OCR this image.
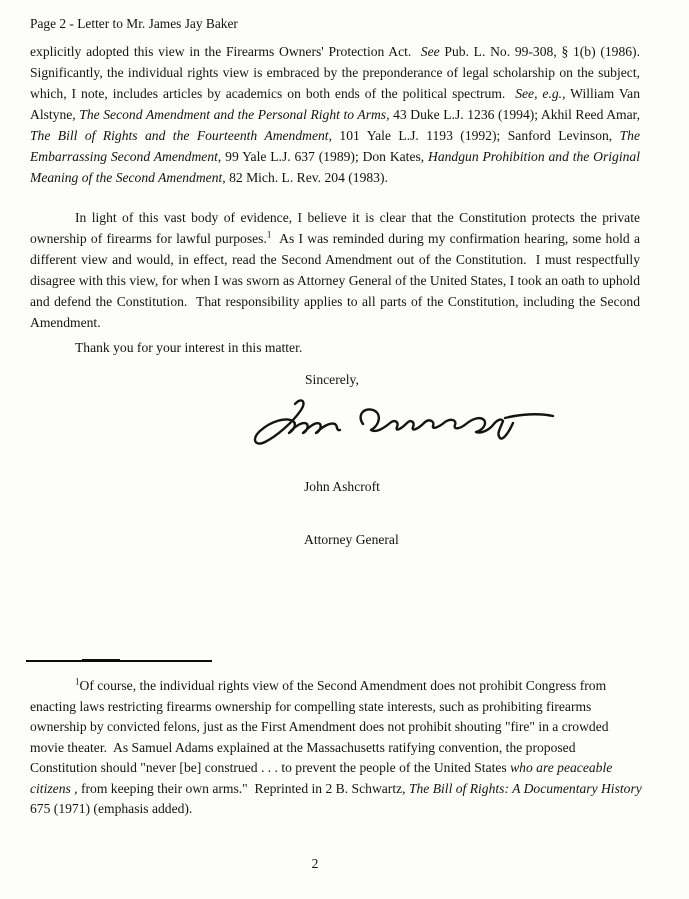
Page 2 - Letter to Mr. James Jay Baker
explicitly adopted this view in the Firearms Owners' Protection Act.  See Pub. L. No. 99-308, § 1(b) (1986).  Significantly, the individual rights view is embraced by the preponderance of legal scholarship on the subject, which, I note, includes articles by academics on both ends of the political spectrum.  See, e.g., William Van Alstyne, The Second Amendment and the Personal Right to Arms, 43 Duke L.J. 1236 (1994); Akhil Reed Amar, The Bill of Rights and the Fourteenth Amendment, 101 Yale L.J. 1193 (1992); Sanford Levinson, The Embarrassing Second Amendment, 99 Yale L.J. 637 (1989); Don Kates, Handgun Prohibition and the Original Meaning of the Second Amendment, 82 Mich. L. Rev. 204 (1983).
In light of this vast body of evidence, I believe it is clear that the Constitution protects the private ownership of firearms for lawful purposes.$^1$  As I was reminded during my confirmation hearing, some hold a different view and would, in effect, read the Second Amendment out of the Constitution.  I must respectfully disagree with this view, for when I was sworn as Attorney General of the United States, I took an oath to uphold and defend the Constitution.  That responsibility applies to all parts of the Constitution, including the Second Amendment.
Thank you for your interest in this matter.
Sincerely,

John Ashcroft

Attorney General

$^1$Of course, the individual rights view of the Second Amendment does not prohibit Congress from enacting laws restricting firearms ownership for compelling state interests, such as prohibiting firearms ownership by convicted felons, just as the First Amendment does not prohibit shouting "fire" in a crowded movie theater.  As Samuel Adams explained at the Massachusetts ratifying convention, the proposed Constitution should "never [be] construed . . . to prevent the people of the United States who are peaceable citizens , from keeping their own arms."  Reprinted in 2 B. Schwartz, The Bill of Rights: A Documentary History 675 (1971) (emphasis added).
2
